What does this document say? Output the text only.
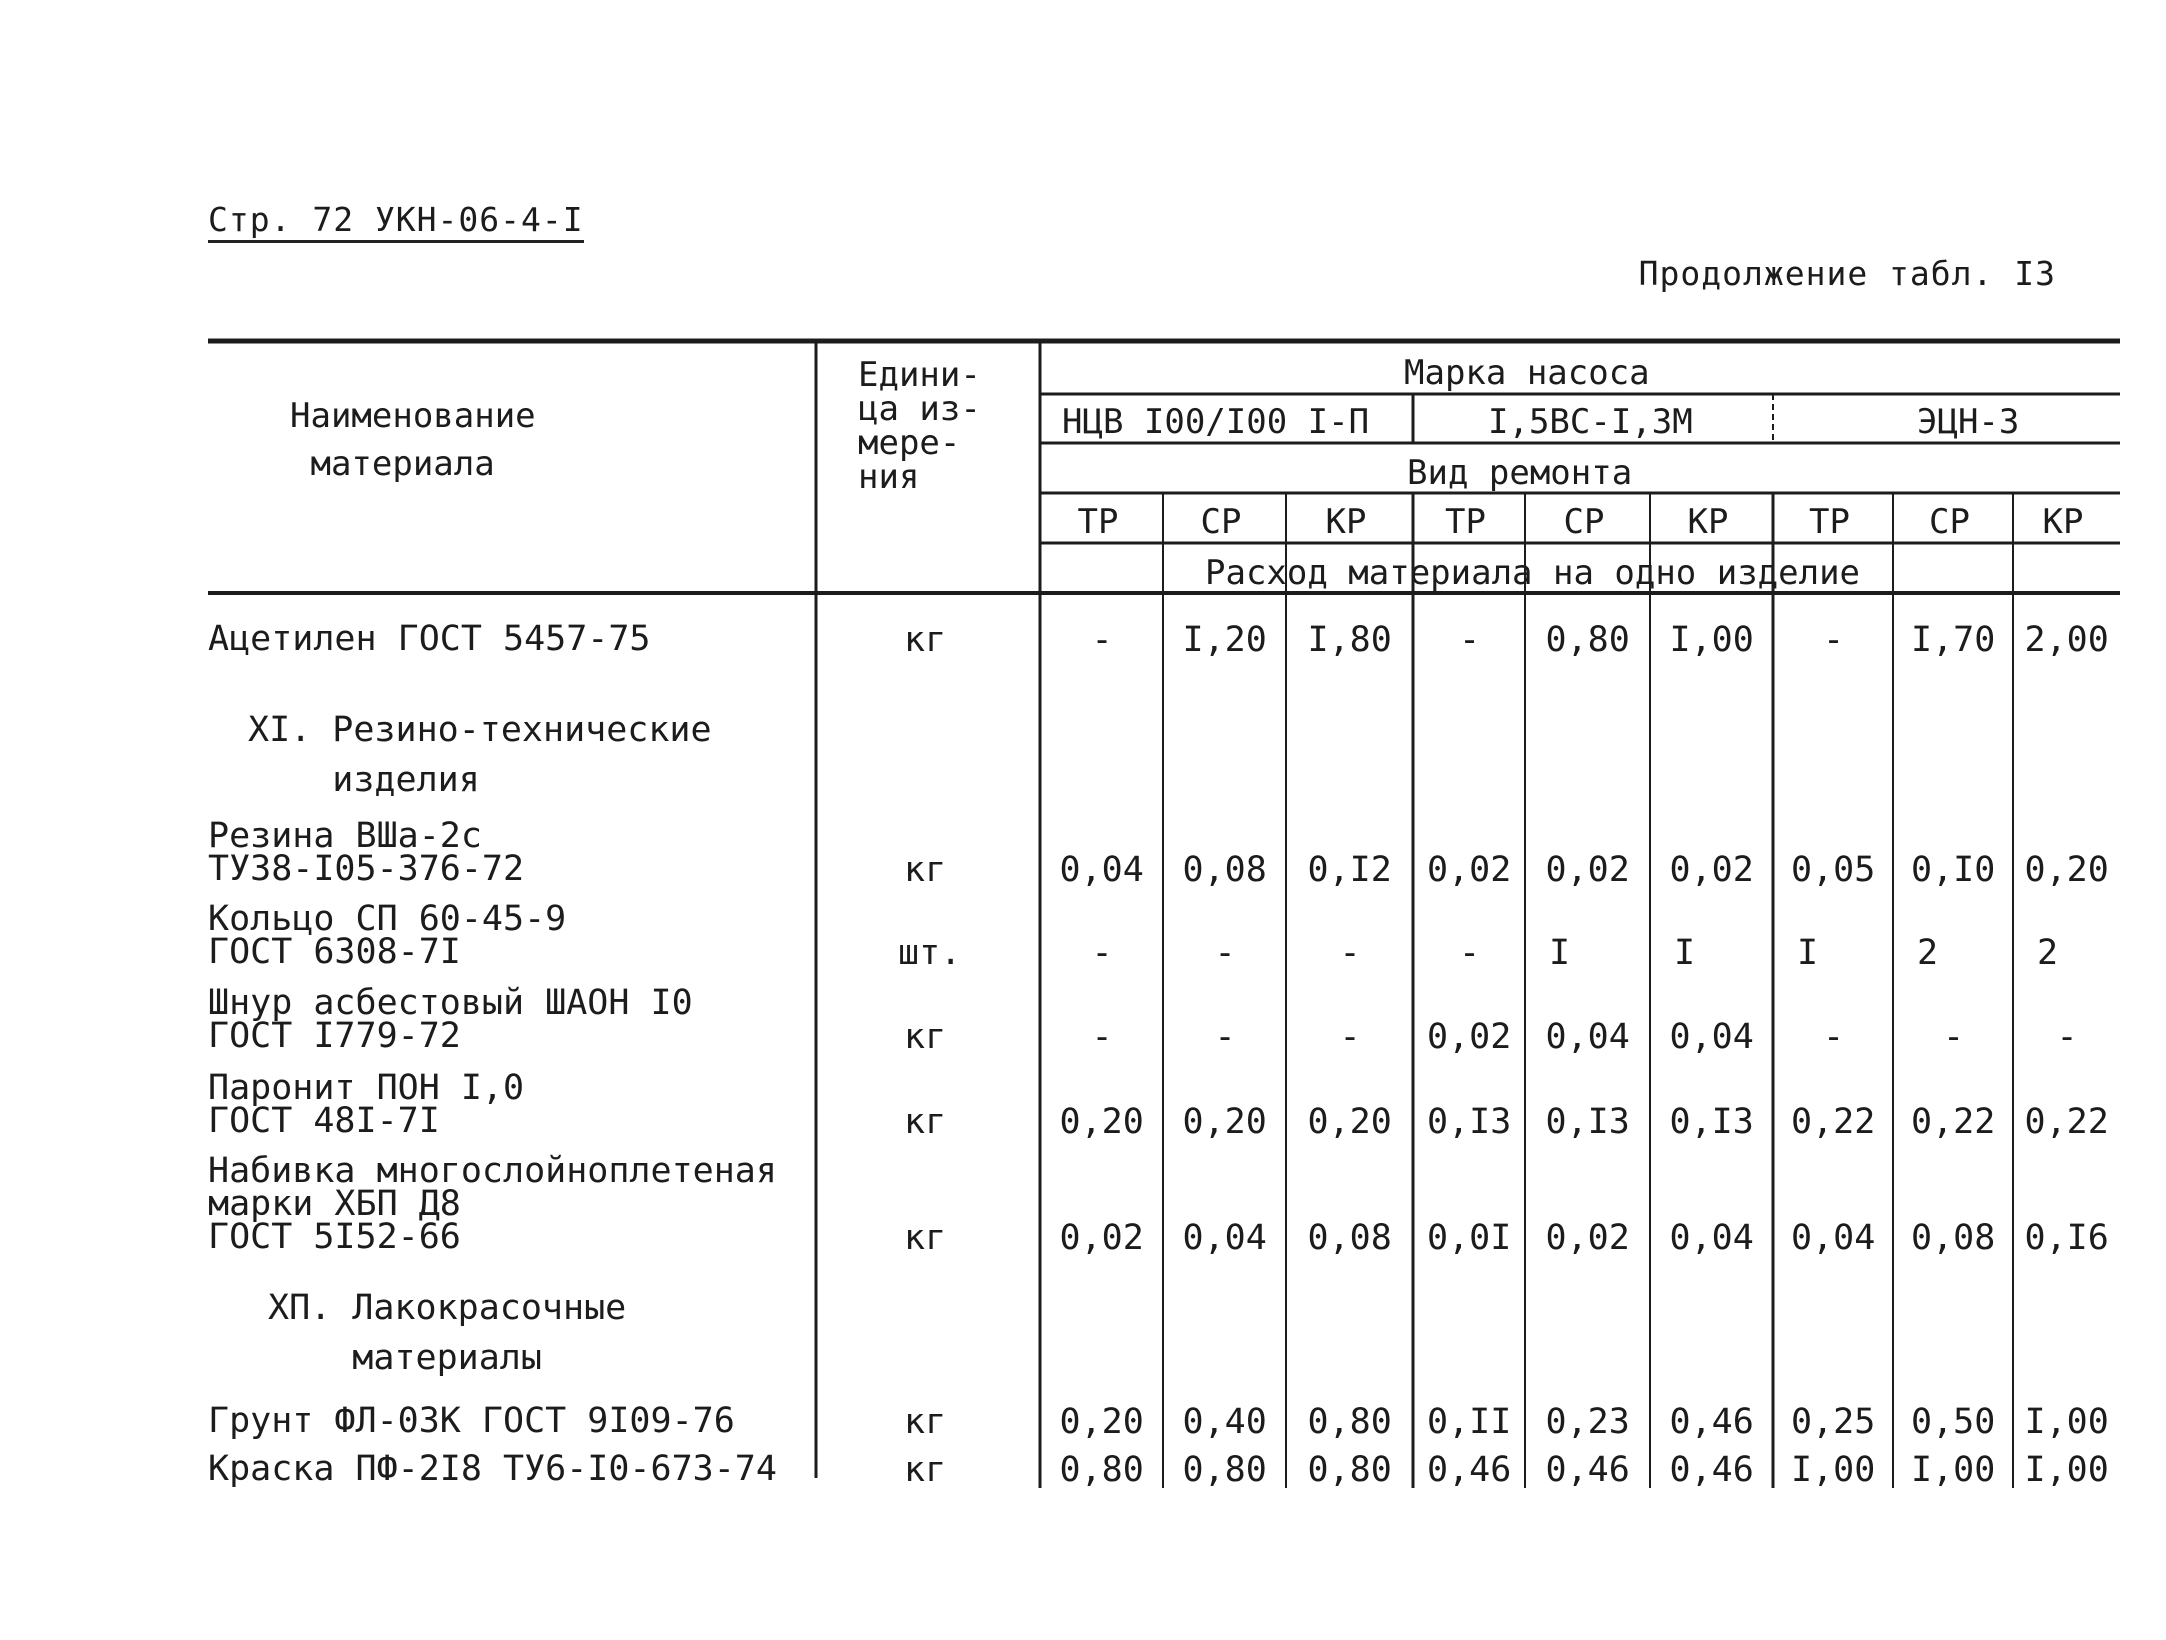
Стр. 72 УКН-06-4-I
Продолжение табл. I3
Наименование
материала
Едини-
ца из-
мере-
ния
Марка насоса
НЦВ I00/I00 I-П	I,5ВС-I,3М	ЭЦН-3
Вид ремонта
ТР СР КР ТР СР КР ТР СР КР
Расход материала на одно изделие
Ацетилен ГОСТ 5457-75	кг	- I,20 I,80 - 0,80 I,00 - I,70 2,00
XI. Резино-технические
изделия
Резина ВШа-2с
ТУ38-I05-376-72	кг	0,04 0,08 0,I2 0,02 0,02 0,02 0,05 0,I0 0,20
Кольцо СП 60-45-9
ГОСТ 6308-7I	шт.	-	-	-	- I	I	I	2	2
Шнур асбестовый ШАОН I0
ГОСТ I779-72	кг	-	-	- 0,02 0,04 0,04 -	-	-
Паронит ПОН I,0
ГОСТ 48I-7I	кг	0,20 0,20 0,20 0,I3 0,I3 0,I3 0,22 0,22 0,22
Набивка многослойноплетеная
марки ХБП Д8
ГОСТ 5I52-66	кг	0,02 0,04 0,08 0,0I 0,02 0,04 0,04 0,08 0,I6
XП. Лакокрасочные
материалы
Грунт ФЛ-03К ГОСТ 9I09-76	кг	0,20 0,40 0,80 0,II 0,23 0,46 0,25 0,50 I,00
Краска ПФ-2I8 ТУ6-I0-673-74	кг	0,80 0,80 0,80 0,46 0,46 0,46 I,00 I,00 I,00
